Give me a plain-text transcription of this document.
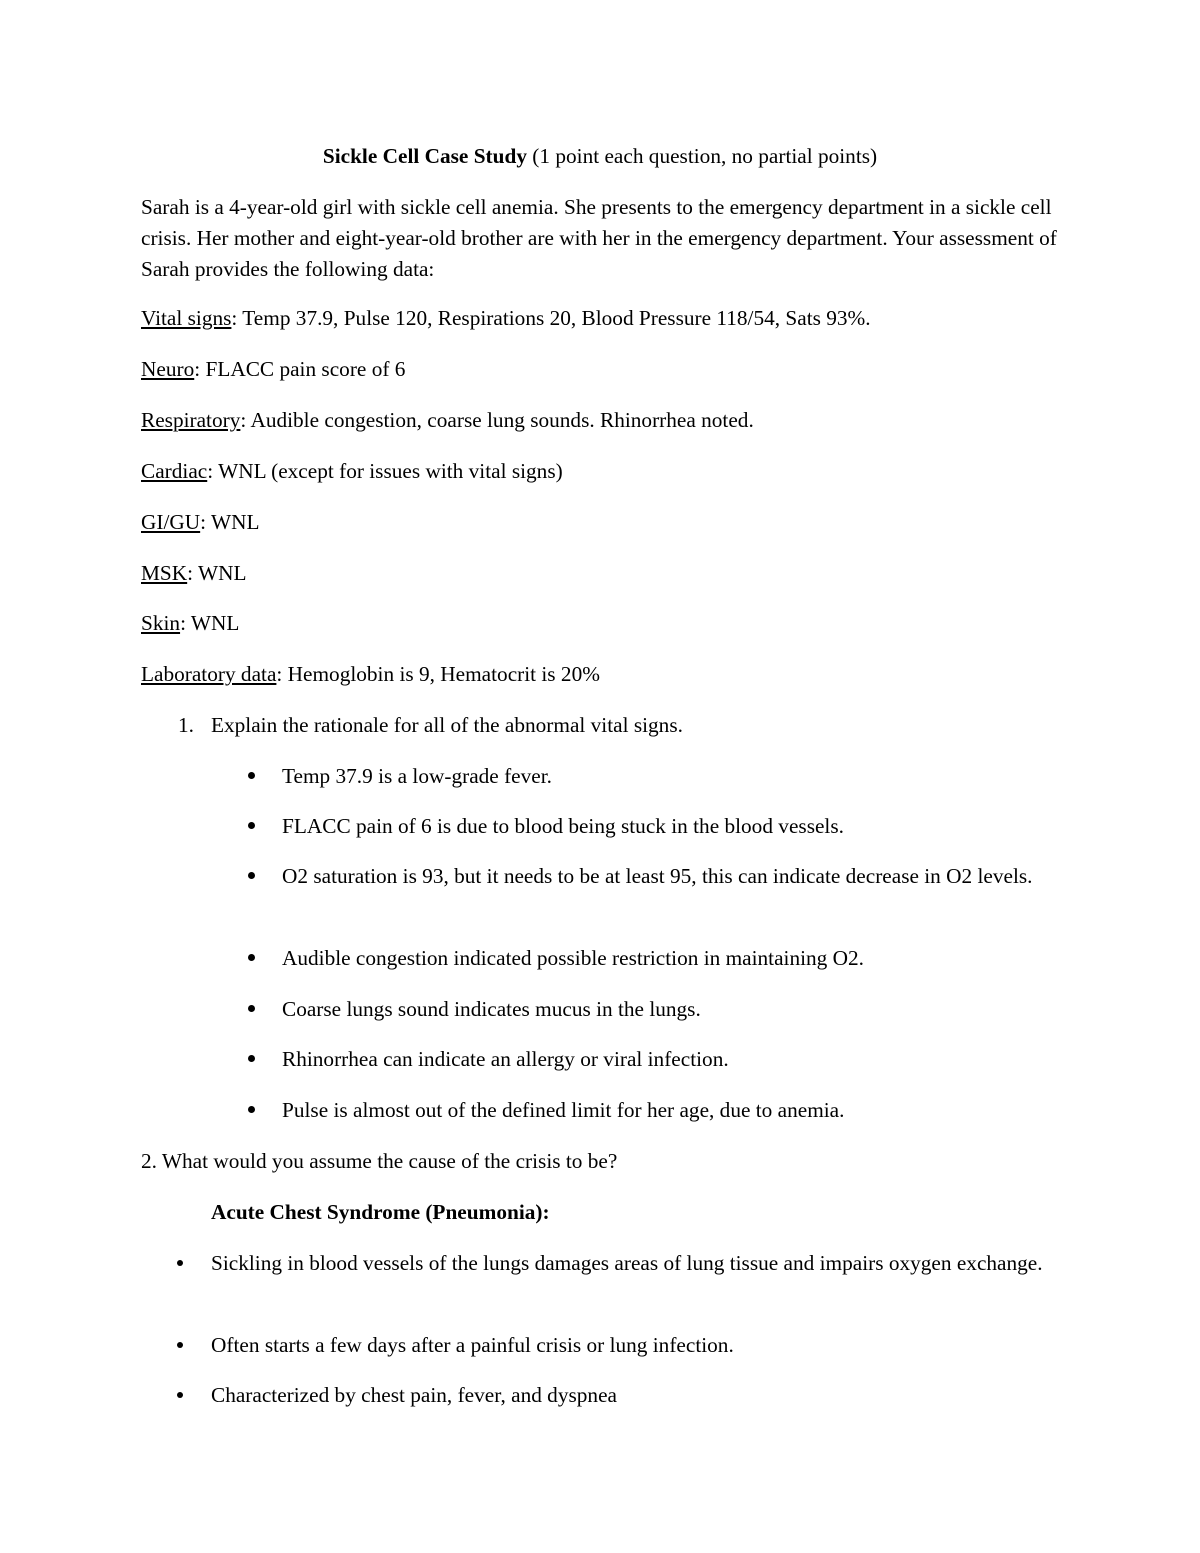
Sickle Cell Case Study (1 point each question, no partial points)

Sarah is a 4-year-old girl with sickle cell anemia. She presents to the emergency department in a sickle cell crisis. Her mother and eight-year-old brother are with her in the emergency department. Your assessment of Sarah provides the following data:

Vital signs: Temp 37.9, Pulse 120, Respirations 20, Blood Pressure 118/54, Sats 93%.
Neuro: FLACC pain score of 6
Respiratory: Audible congestion, coarse lung sounds. Rhinorrhea noted.
Cardiac: WNL (except for issues with vital signs)
GI/GU: WNL
MSK: WNL
Skin: WNL
Laboratory data: Hemoglobin is 9, Hematocrit is 20%
1. Explain the rationale for all of the abnormal vital signs.
Temp 37.9 is a low-grade fever.
FLACC pain of 6 is due to blood being stuck in the blood vessels.
O2 saturation is 93, but it needs to be at least 95, this can indicate decrease in O2 levels.
Audible congestion indicated possible restriction in maintaining O2.
Coarse lungs sound indicates mucus in the lungs.
Rhinorrhea can indicate an allergy or viral infection.
Pulse is almost out of the defined limit for her age, due to anemia.
2. What would you assume the cause of the crisis to be?
Acute Chest Syndrome (Pneumonia):
Sickling in blood vessels of the lungs damages areas of lung tissue and impairs oxygen exchange.
Often starts a few days after a painful crisis or lung infection.
Characterized by chest pain, fever, and dyspnea
